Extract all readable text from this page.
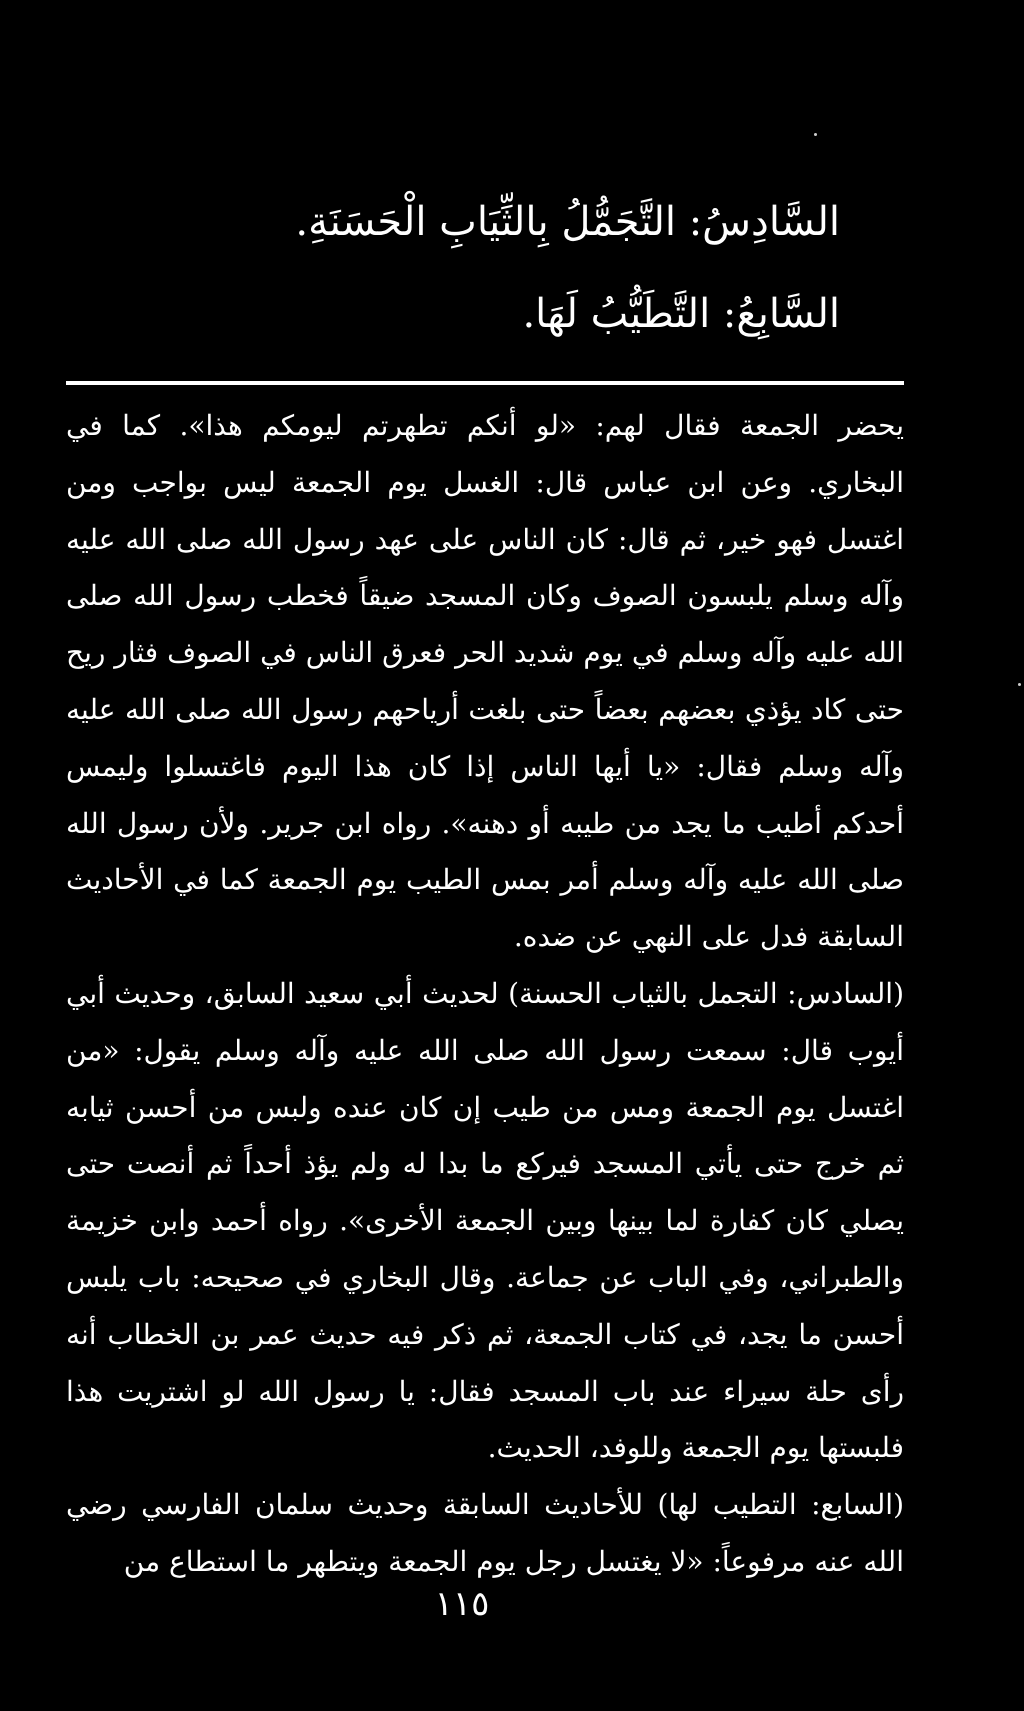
السَّادِسُ: التَّجَمُّلُ بِالثِّيَابِ الْحَسَنَةِ.
السَّابِعُ: التَّطَيُّبُ لَهَا.

يحضر الجمعة فقال لهم: «لو أنكم تطهرتم ليومكم هذا». كما في البخاري. وعن ابن عباس قال: الغسل يوم الجمعة ليس بواجب ومن اغتسل فهو خير، ثم قال: كان الناس على عهد رسول الله صلى الله عليه وآله وسلم يلبسون الصوف وكان المسجد ضيقاً فخطب رسول الله صلى الله عليه وآله وسلم في يوم شديد الحر فعرق الناس في الصوف فثار ريح حتى كاد يؤذي بعضهم بعضاً حتى بلغت أرياحهم رسول الله صلى الله عليه وآله وسلم فقال: «يا أيها الناس إذا كان هذا اليوم فاغتسلوا وليمس أحدكم أطيب ما يجد من طيبه أو دهنه». رواه ابن جرير. ولأن رسول الله صلى الله عليه وآله وسلم أمر بمس الطيب يوم الجمعة كما في الأحاديث السابقة فدل على النهي عن ضده.

(السادس: التجمل بالثياب الحسنة) لحديث أبي سعيد السابق، وحديث أبي أيوب قال: سمعت رسول الله صلى الله عليه وآله وسلم يقول: «من اغتسل يوم الجمعة ومس من طيب إن كان عنده ولبس من أحسن ثيابه ثم خرج حتى يأتي المسجد فيركع ما بدا له ولم يؤذ أحداً ثم أنصت حتى يصلي كان كفارة لما بينها وبين الجمعة الأخرى». رواه أحمد وابن خزيمة والطبراني، وفي الباب عن جماعة. وقال البخاري في صحيحه: باب يلبس أحسن ما يجد، في كتاب الجمعة، ثم ذكر فيه حديث عمر بن الخطاب أنه رأى حلة سيراء عند باب المسجد فقال: يا رسول الله لو اشتريت هذا فلبستها يوم الجمعة وللوفد، الحديث.

(السابع: التطيب لها) للأحاديث السابقة وحديث سلمان الفارسي رضي الله عنه مرفوعاً: «لا يغتسل رجل يوم الجمعة ويتطهر ما استطاع من

١١٥
